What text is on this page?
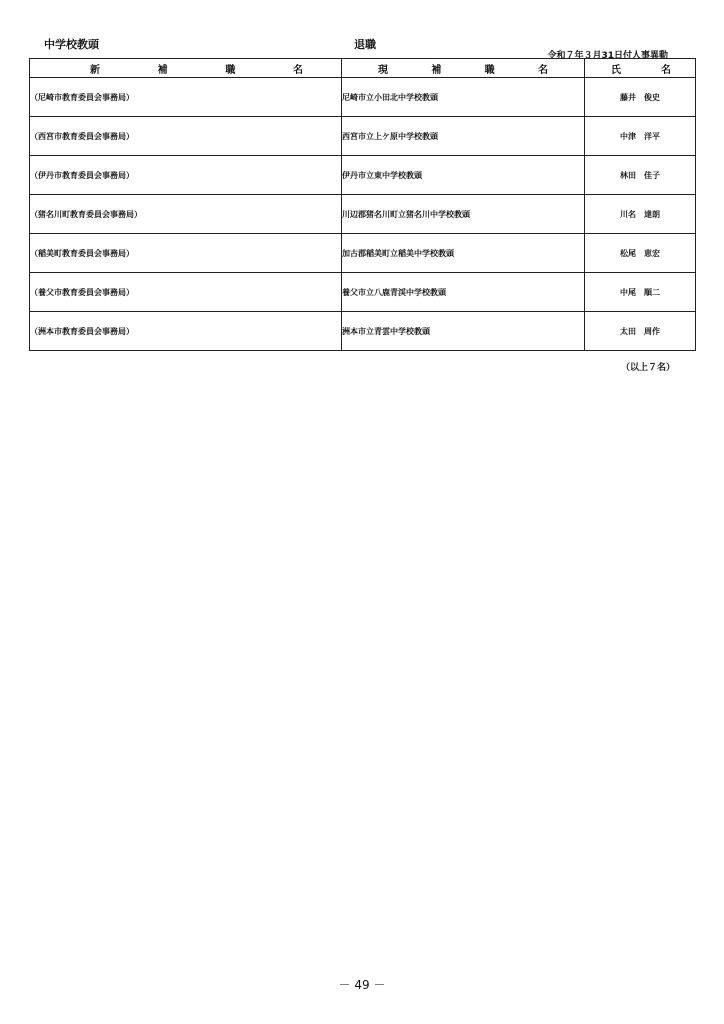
中学校教頭	退職
令和７年３月31日付人事異動
新 補 職 名	現 補 職 名	氏 名

（尼崎市教育委員会事務局）	尼崎市立小田北中学校教頭	藤井　俊史
（西宮市教育委員会事務局）	西宮市立上ケ原中学校教頭	中津　洋平
（伊丹市教育委員会事務局）	伊丹市立東中学校教頭	林田　佳子
（猪名川町教育委員会事務局）	川辺郡猪名川町立猪名川中学校教頭	川名　達朗
（稲美町教育委員会事務局）	加古郡稲美町立稲美中学校教頭	松尾　恵宏
（養父市教育委員会事務局）	養父市立八鹿青渓中学校教頭	中尾　順二
（洲本市教育委員会事務局）	洲本市立青雲中学校教頭	太田　周作
（以上７名）
－ 49 －
